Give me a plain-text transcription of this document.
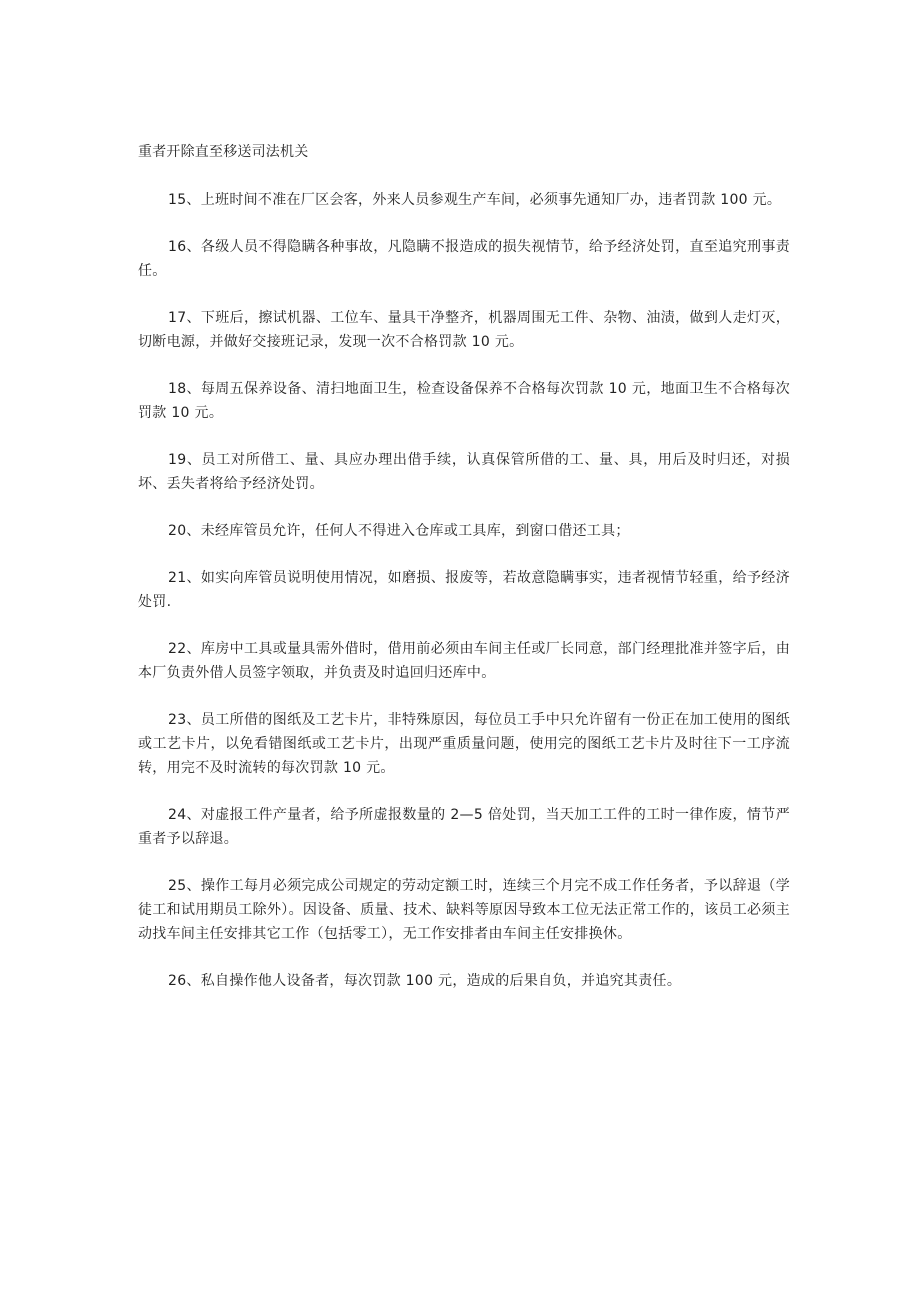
重者开除直至移送司法机关

15、上班时间不准在厂区会客，外来人员参观生产车间，必须事先通知厂办，违者罚款 100 元。

16、各级人员不得隐瞒各种事故，凡隐瞒不报造成的损失视情节，给予经济处罚，直至追究刑事责任。

17、下班后，擦试机器、工位车、量具干净整齐，机器周围无工件、杂物、油渍，做到人走灯灭，切断电源，并做好交接班记录，发现一次不合格罚款 10 元。

18、每周五保养设备、清扫地面卫生，检查设备保养不合格每次罚款 10 元，地面卫生不合格每次罚款 10 元。

19、员工对所借工、量、具应办理出借手续，认真保管所借的工、量、具，用后及时归还，对损坏、丢失者将给予经济处罚。

20、未经库管员允许，任何人不得进入仓库或工具库，到窗口借还工具；

21、如实向库管员说明使用情况，如磨损、报废等，若故意隐瞒事实，违者视情节轻重，给予经济处罚.

22、库房中工具或量具需外借时，借用前必须由车间主任或厂长同意，部门经理批准并签字后，由本厂负责外借人员签字领取，并负责及时追回归还库中。

23、员工所借的图纸及工艺卡片，非特殊原因，每位员工手中只允许留有一份正在加工使用的图纸或工艺卡片，以免看错图纸或工艺卡片，出现严重质量问题，使用完的图纸工艺卡片及时往下一工序流转，用完不及时流转的每次罚款 10 元。

24、对虚报工件产量者，给予所虚报数量的 2—5 倍处罚，当天加工工件的工时一律作废，情节严重者予以辞退。

25、操作工每月必须完成公司规定的劳动定额工时，连续三个月完不成工作任务者，予以辞退（学徒工和试用期员工除外）。因设备、质量、技术、缺料等原因导致本工位无法正常工作的，该员工必须主动找车间主任安排其它工作（包括零工），无工作安排者由车间主任安排换休。

26、私自操作他人设备者，每次罚款 100 元，造成的后果自负，并追究其责任。
